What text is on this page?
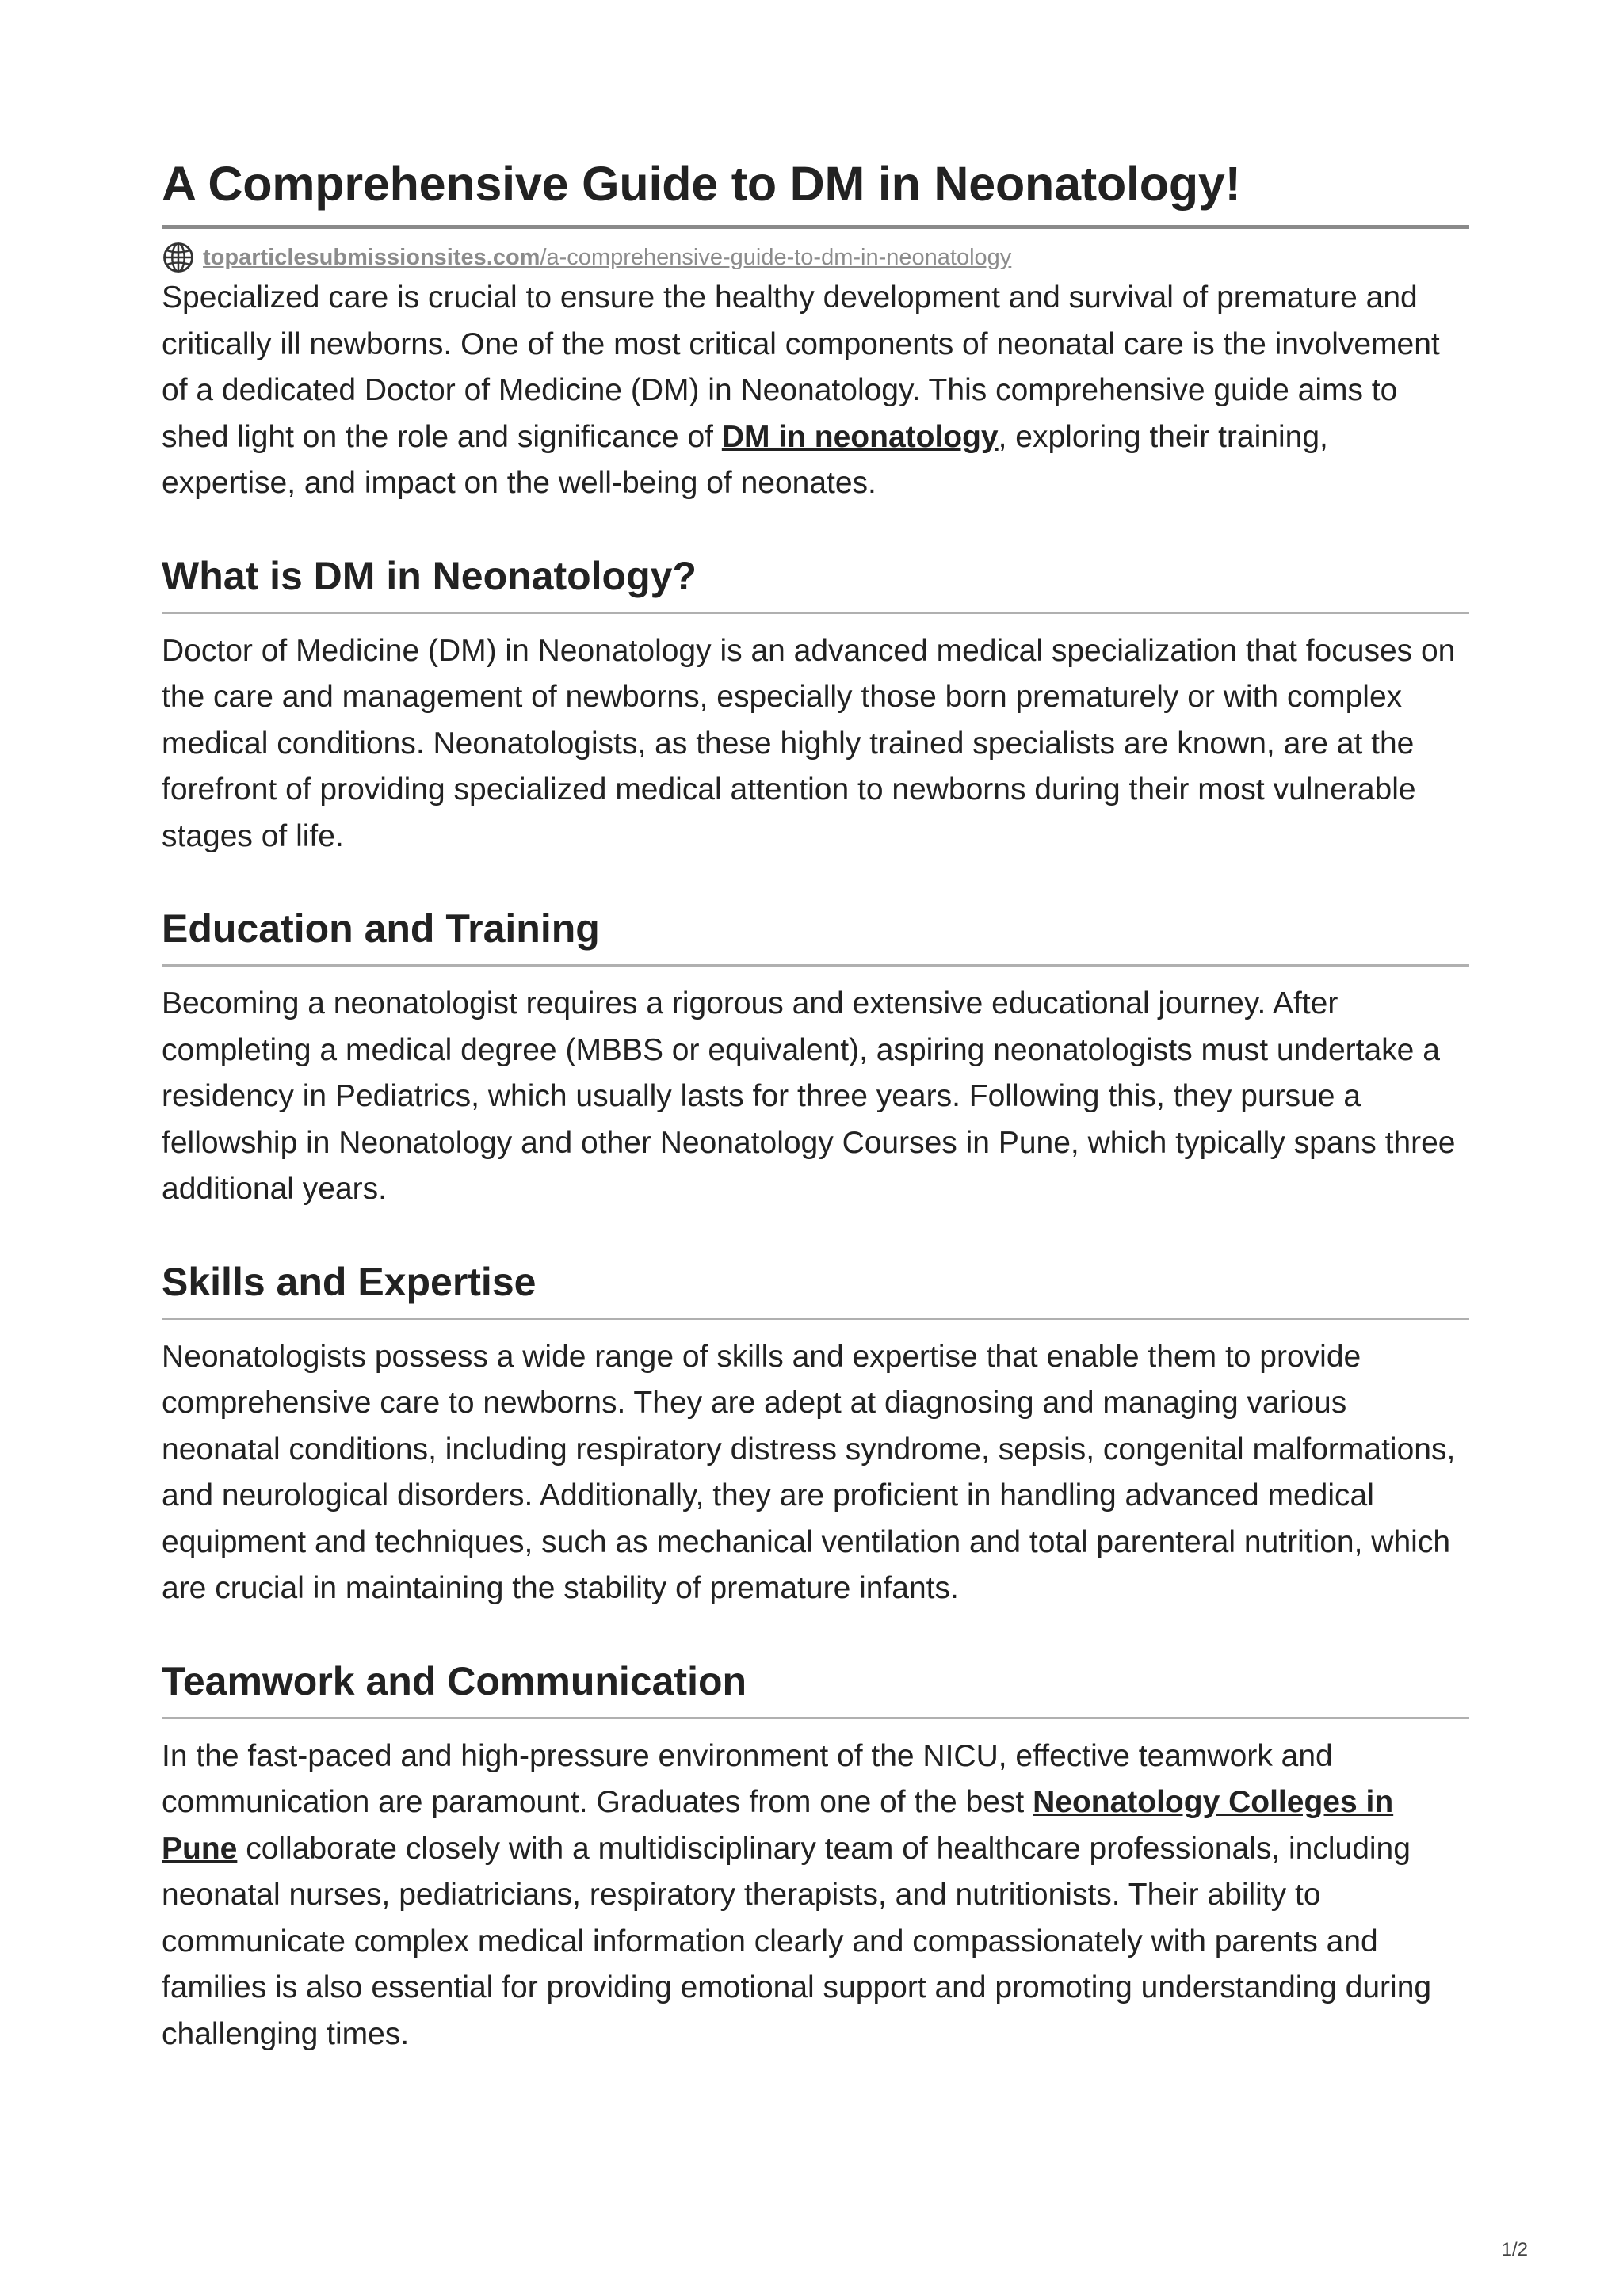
A Comprehensive Guide to DM in Neonatology!
toparticlesubmissionsites.com/a-comprehensive-guide-to-dm-in-neonatology

Specialized care is crucial to ensure the healthy development and survival of premature and critically ill newborns. One of the most critical components of neonatal care is the involvement of a dedicated Doctor of Medicine (DM) in Neonatology. This comprehensive guide aims to shed light on the role and significance of DM in neonatology, exploring their training, expertise, and impact on the well-being of neonates.

What is DM in Neonatology?

Doctor of Medicine (DM) in Neonatology is an advanced medical specialization that focuses on the care and management of newborns, especially those born prematurely or with complex medical conditions. Neonatologists, as these highly trained specialists are known, are at the forefront of providing specialized medical attention to newborns during their most vulnerable stages of life.

Education and Training

Becoming a neonatologist requires a rigorous and extensive educational journey. After completing a medical degree (MBBS or equivalent), aspiring neonatologists must undertake a residency in Pediatrics, which usually lasts for three years. Following this, they pursue a fellowship in Neonatology and other Neonatology Courses in Pune, which typically spans three additional years.

Skills and Expertise

Neonatologists possess a wide range of skills and expertise that enable them to provide comprehensive care to newborns. They are adept at diagnosing and managing various neonatal conditions, including respiratory distress syndrome, sepsis, congenital malformations, and neurological disorders. Additionally, they are proficient in handling advanced medical equipment and techniques, such as mechanical ventilation and total parenteral nutrition, which are crucial in maintaining the stability of premature infants.

Teamwork and Communication

In the fast-paced and high-pressure environment of the NICU, effective teamwork and communication are paramount. Graduates from one of the best Neonatology Colleges in Pune collaborate closely with a multidisciplinary team of healthcare professionals, including neonatal nurses, pediatricians, respiratory therapists, and nutritionists. Their ability to communicate complex medical information clearly and compassionately with parents and families is also essential for providing emotional support and promoting understanding during challenging times.

1/2
